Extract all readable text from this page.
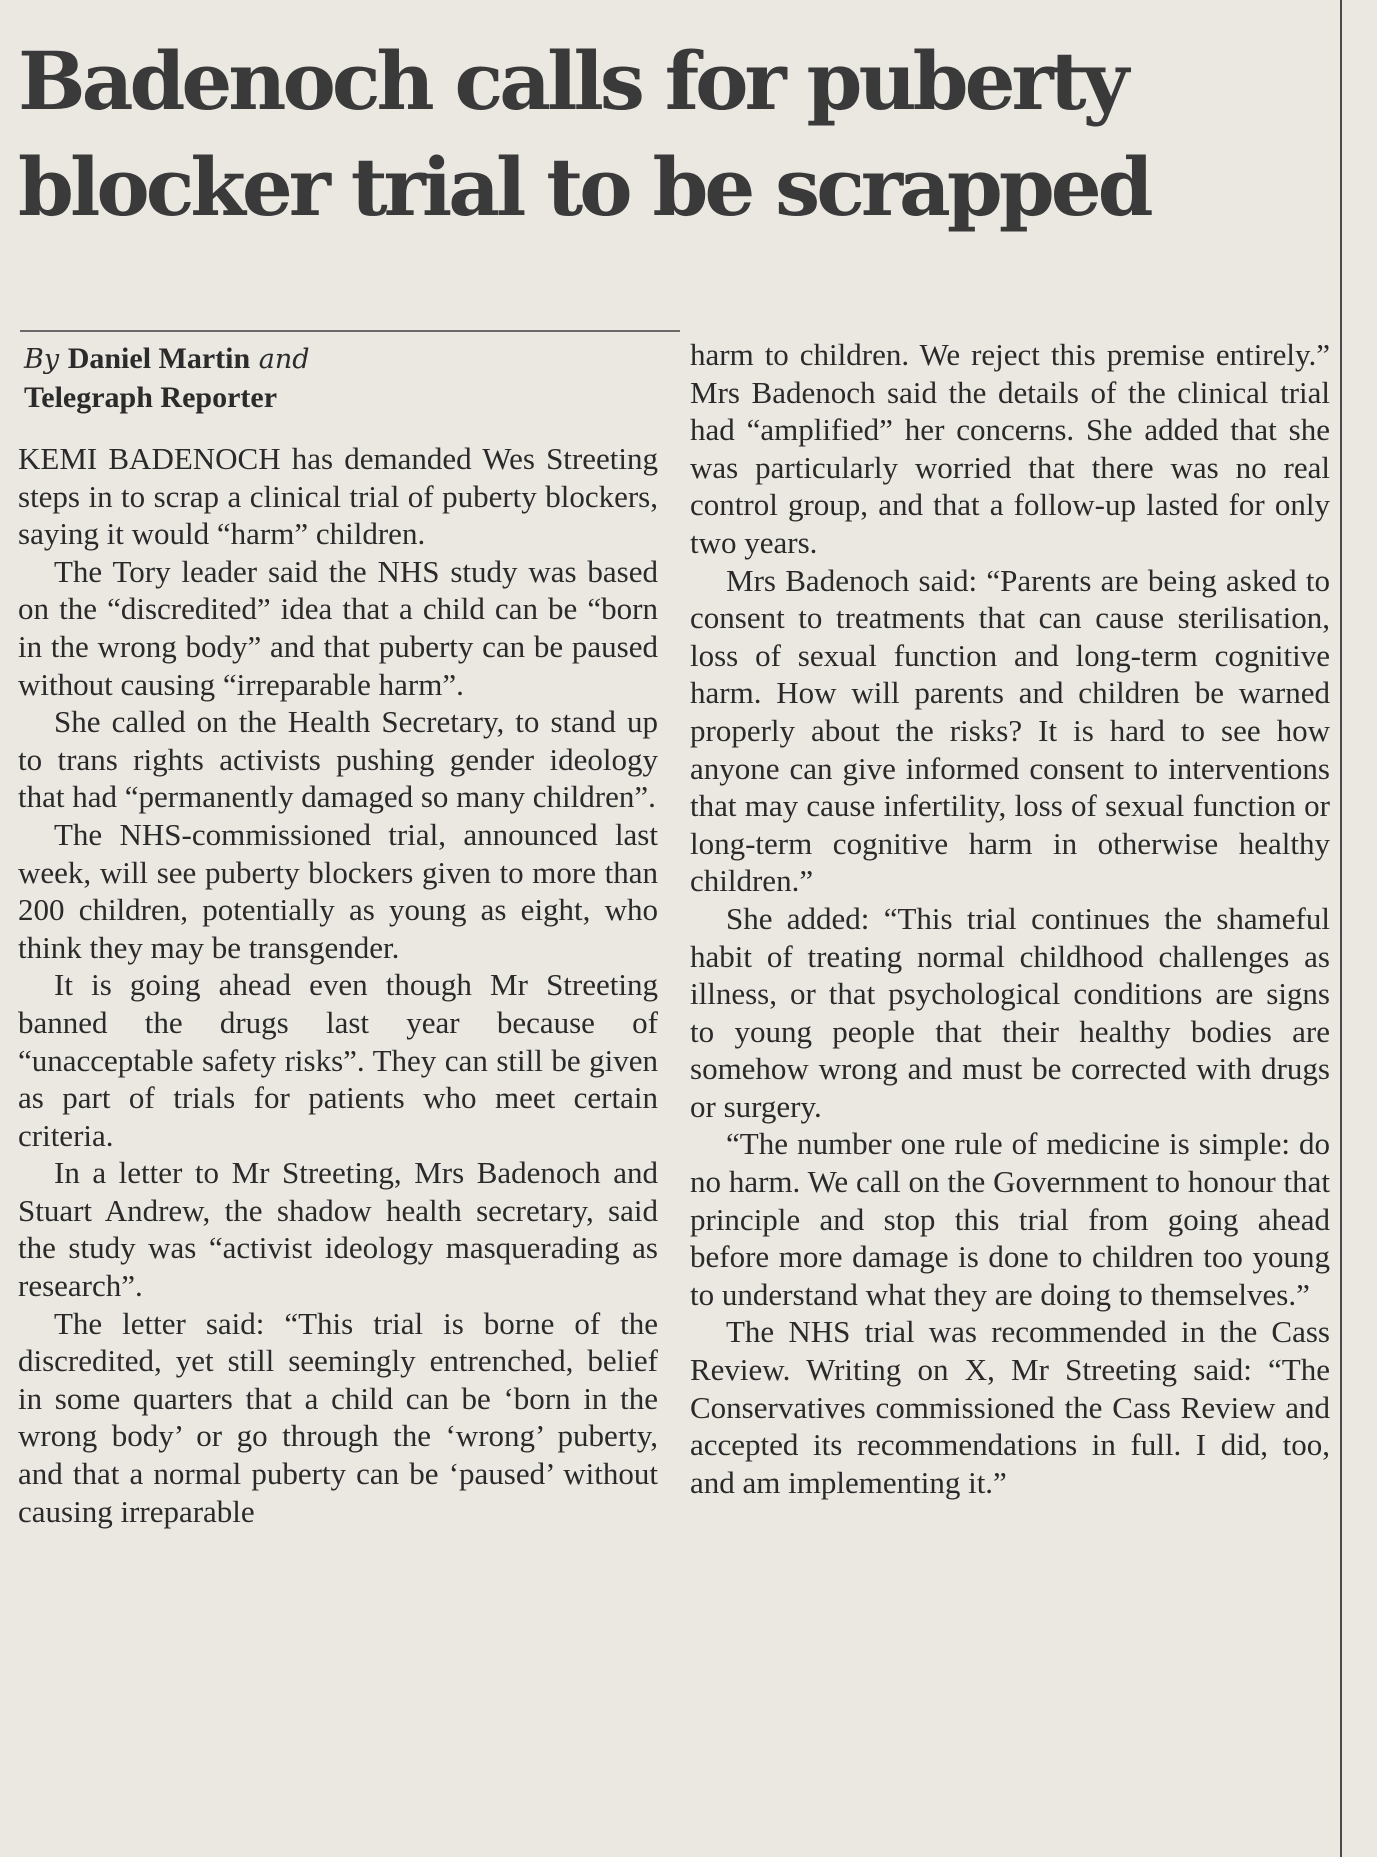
Badenoch calls for puberty blocker trial to be scrapped
By Daniel Martin and
Telegraph Reporter

KEMI BADENOCH has demanded Wes Streeting steps in to scrap a clinical trial of puberty blockers, saying it would “harm” children.

The Tory leader said the NHS study was based on the “discredited” idea that a child can be “born in the wrong body” and that puberty can be paused without causing “irreparable harm”.

She called on the Health Secretary, to stand up to trans rights activists pushing gender ideology that had “permanently damaged so many children”.

The NHS-commissioned trial, announced last week, will see puberty blockers given to more than 200 children, potentially as young as eight, who think they may be transgender.

It is going ahead even though Mr Streeting banned the drugs last year because of “unacceptable safety risks”. They can still be given as part of trials for patients who meet certain criteria.

In a letter to Mr Streeting, Mrs Badenoch and Stuart Andrew, the shadow health secretary, said the study was “activist ideology masquerading as research”.

The letter said: “This trial is borne of the discredited, yet still seemingly entrenched, belief in some quarters that a child can be ‘born in the wrong body’ or go through the ‘wrong’ puberty, and that a normal puberty can be ‘paused’ without causing irreparable

harm to children. We reject this premise entirely.” Mrs Badenoch said the details of the clinical trial had “amplified” her concerns. She added that she was particularly worried that there was no real control group, and that a follow-up lasted for only two years.

Mrs Badenoch said: “Parents are being asked to consent to treatments that can cause sterilisation, loss of sexual function and long-term cognitive harm. How will parents and children be warned properly about the risks? It is hard to see how anyone can give informed consent to interventions that may cause infertility, loss of sexual function or long-term cognitive harm in otherwise healthy children.”

She added: “This trial continues the shameful habit of treating normal childhood challenges as illness, or that psychological conditions are signs to young people that their healthy bodies are somehow wrong and must be corrected with drugs or surgery.

“The number one rule of medicine is simple: do no harm. We call on the Government to honour that principle and stop this trial from going ahead before more damage is done to children too young to understand what they are doing to themselves.”

The NHS trial was recommended in the Cass Review. Writing on X, Mr Streeting said: “The Conservatives commissioned the Cass Review and accepted its recommendations in full. I did, too, and am implementing it.”
